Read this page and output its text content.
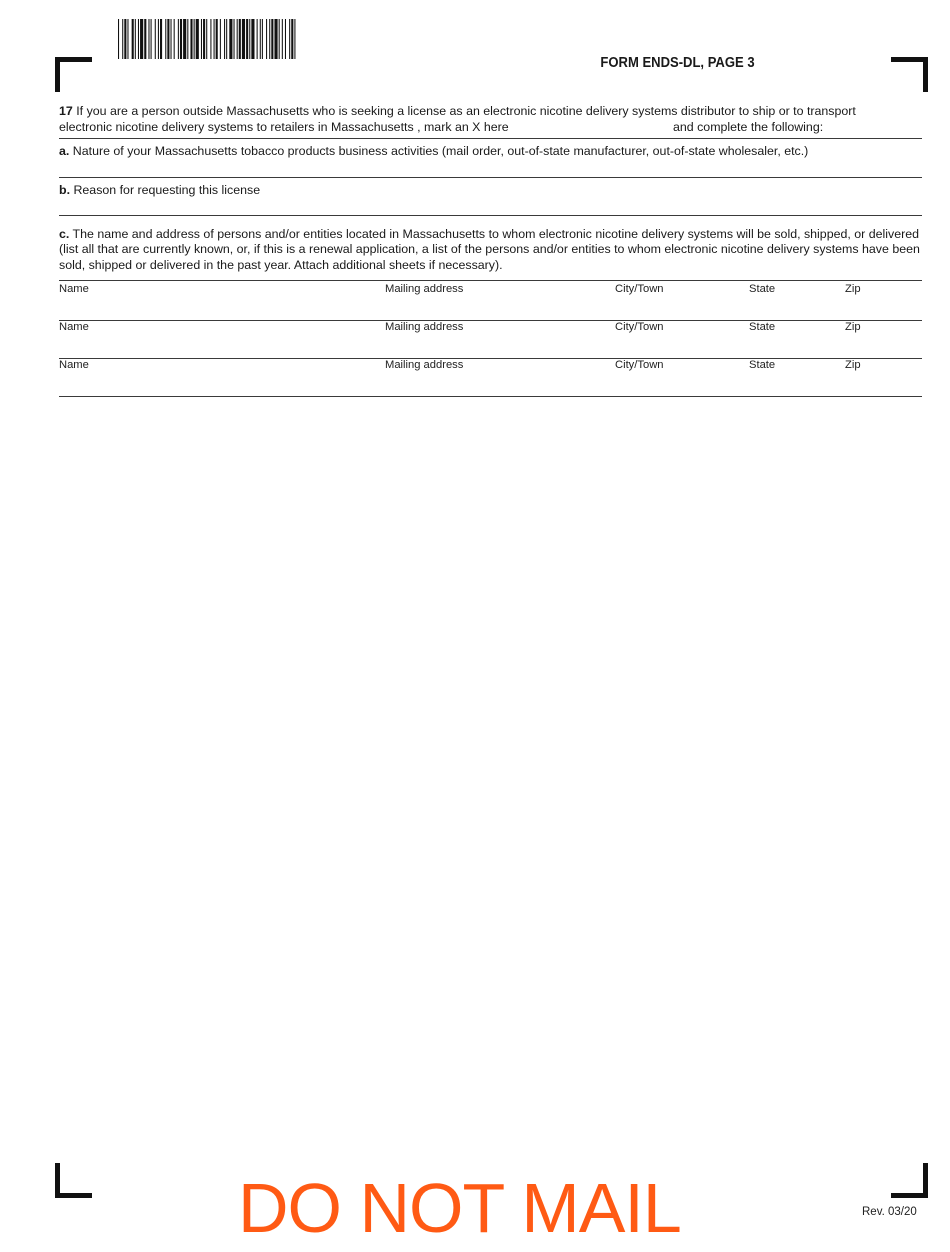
FORM ENDS-DL, PAGE 3
17 If you are a person outside Massachusetts who is seeking a license as an electronic nicotine delivery systems distributor to ship or to transport
electronic nicotine delivery systems to retailers in Massachusetts , mark an X here	and complete the following:
a. Nature of your Massachusetts tobacco products business activities (mail order, out-of-state manufacturer, out-of-state wholesaler, etc.)
b. Reason for requesting this license
c. The name and address of persons and/or entities located in Massachusetts to whom electronic nicotine delivery systems will be sold, shipped, or delivered (list all that are currently known, or, if this is a renewal application, a list of the persons and/or entities to whom electronic nicotine delivery systems have been sold, shipped or delivered in the past year. Attach additional sheets if necessary).
Name	Mailing address	City/Town	State	Zip
Name	Mailing address	City/Town	State	Zip
Name	Mailing address	City/Town	State	Zip
DO NOT MAIL	Rev. 03/20
